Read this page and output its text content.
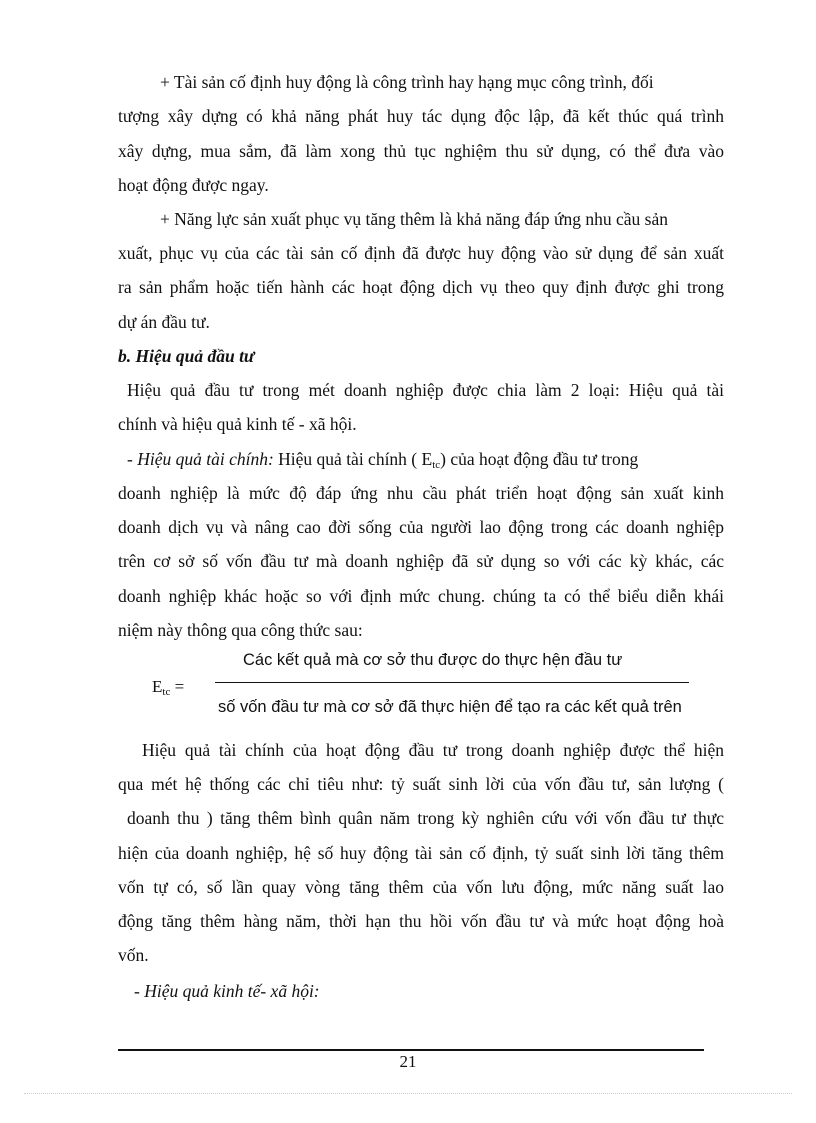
+ Tài sản cố định huy động là công trình hay hạng mục công trình, đối
tượng xây dựng có khả năng phát huy tác dụng độc lập, đã kết thúc quá trình
xây dựng, mua sắm, đã làm xong thủ tục nghiệm thu sử dụng, có thể đưa vào
hoạt động được ngay.
+ Năng lực sản xuất phục vụ tăng thêm là khả năng đáp ứng nhu cầu sản
xuất, phục vụ của các tài sản cố định đã được huy động vào sử dụng để sản xuất
ra sản phẩm hoặc tiến hành các hoạt động dịch vụ theo quy định được ghi trong
dự án đầu tư.
b. Hiệu quả đầu tư
Hiệu quả đầu tư trong mét doanh nghiệp được chia làm 2 loại: Hiệu quả tài
chính và hiệu quả kinh tế - xã hội.
- Hiệu quả tài chính: Hiệu quả tài chính ( $E_{tc}$) của hoạt động đầu tư trong
doanh nghiệp là mức độ đáp ứng nhu cầu phát triển hoạt động sản xuất kinh
doanh dịch vụ và nâng cao đời sống của người lao động trong các doanh nghiệp
trên cơ sở số vốn đầu tư mà doanh nghiệp đã sử dụng so với các kỳ khác, các
doanh nghiệp khác hoặc so với định mức chung. chúng ta có thể biểu diễn khái
niệm này thông qua công thức sau:
Các kết quả mà cơ sở thu được do thực hện đầu tư
$E_{tc}$ =
số vốn đầu tư mà cơ sở đã thực hiện để tạo ra các kết quả trên
Hiệu quả tài chính của hoạt động đầu tư trong doanh nghiệp được thể hiện
qua mét hệ thống các chỉ tiêu như: tỷ suất sinh lời của vốn đầu tư, sản lượng (
doanh thu ) tăng thêm bình quân năm trong kỳ nghiên cứu với vốn đầu tư thực
hiện của doanh nghiệp, hệ số huy động tài sản cố định, tỷ suất sinh lời tăng thêm
vốn tự có, số lần quay vòng tăng thêm của vốn lưu động, mức năng suất lao
động tăng thêm hàng năm, thời hạn thu hồi vốn đầu tư và mức hoạt động hoà
vốn.
- Hiệu quả kinh tế- xã hội:
21
